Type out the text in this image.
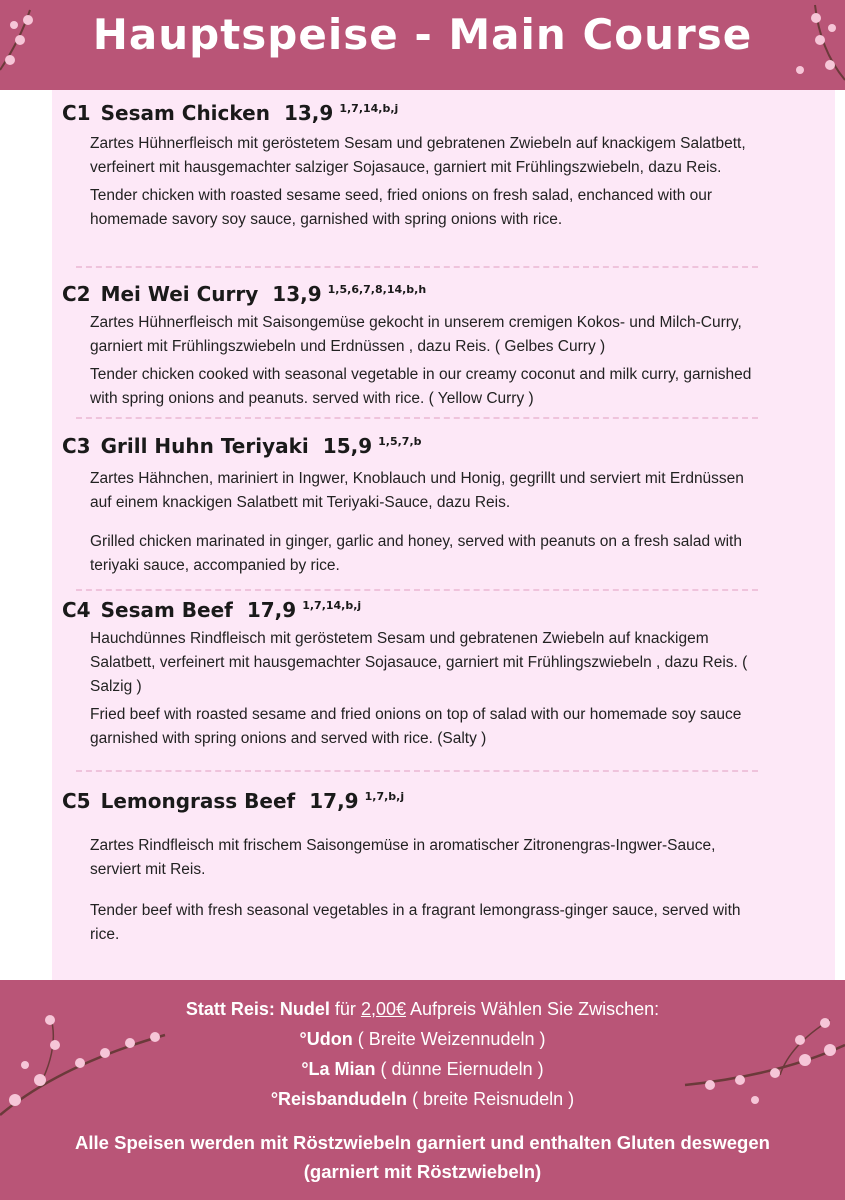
Hauptspeise - Main Course
C1 Sesam Chicken 13,9 $^{1,7,14,b,j}$

Zartes Hühnerfleisch mit geröstetem Sesam und gebratenen Zwiebeln auf knackigem Salatbett, verfeinert mit hausgemachter salziger Sojasauce, garniert mit Frühlingszwiebeln, dazu Reis.

Tender chicken with roasted sesame seed, fried onions on fresh salad, enchanced with our homemade savory soy sauce, garnished with spring onions with rice.

C2 Mei Wei Curry 13,9 $^{1,5,6,7,8,14,b,h}$

Zartes Hühnerfleisch mit Saisongemüse gekocht in unserem cremigen Kokos- und Milch-Curry, garniert mit Frühlingszwiebeln und Erdnüssen , dazu Reis. ( Gelbes Curry )

Tender chicken cooked with seasonal vegetable in our creamy coconut and milk curry, garnished with spring onions and peanuts. served with rice. ( Yellow Curry )

C3 Grill Huhn Teriyaki 15,9 $^{1,5,7,b}$

Zartes Hähnchen, mariniert in Ingwer, Knoblauch und Honig, gegrillt und serviert mit Erdnüssen auf einem knackigen Salatbett mit Teriyaki-Sauce, dazu Reis.

Grilled chicken marinated in ginger, garlic and honey, served with peanuts on a fresh salad with teriyaki sauce, accompanied by rice.

C4 Sesam Beef 17,9 $^{1,7,14,b,j}$

Hauchdünnes Rindfleisch mit geröstetem Sesam und gebratenen Zwiebeln auf knackigem Salatbett, verfeinert mit hausgemachter Sojasauce, garniert mit Frühlingszwiebeln , dazu Reis. ( Salzig )

Fried beef with roasted sesame and fried onions on top of salad with our homemade soy sauce garnished with spring onions and served with rice. (Salty )

C5 Lemongrass Beef 17,9 $^{1,7,b,j}$

Zartes Rindfleisch mit frischem Saisongemüse in aromatischer Zitronengras-Ingwer-Sauce, serviert mit Reis.

Tender beef with fresh seasonal vegetables in a fragrant lemongrass-ginger sauce, served with rice.

Statt Reis: Nudel für 2,00€ Aufpreis Wählen Sie Zwischen:
°Udon ( Breite Weizennudeln )
°La Mian ( dünne Eiernudeln )
°Reisbandudeln ( breite Reisnudeln )
Alle Speisen werden mit Röstzwiebeln garniert und enthalten Gluten deswegen
(garniert mit Röstzwiebeln)
